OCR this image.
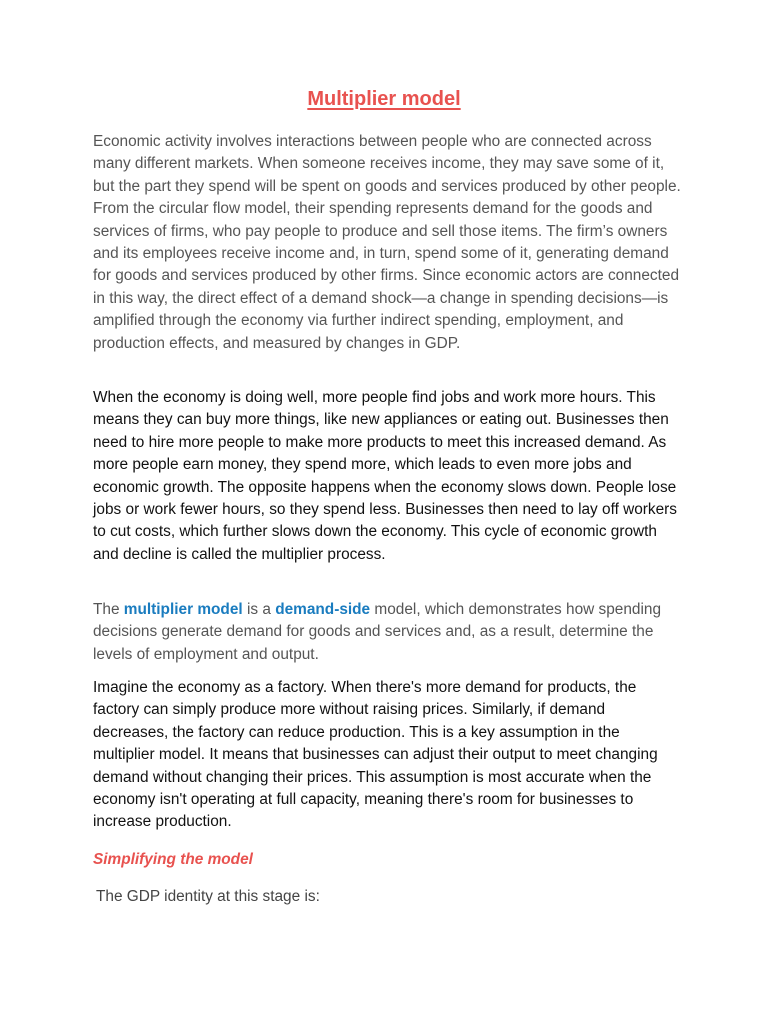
Multiplier model

Economic activity involves interactions between people who are connected across many different markets. When someone receives income, they may save some of it, but the part they spend will be spent on goods and services produced by other people. From the circular flow model, their spending represents demand for the goods and services of firms, who pay people to produce and sell those items. The firm’s owners and its employees receive income and, in turn, spend some of it, generating demand for goods and services produced by other firms. Since economic actors are connected in this way, the direct effect of a demand shock—a change in spending decisions—is amplified through the economy via further indirect spending, employment, and production effects, and measured by changes in GDP.

When the economy is doing well, more people find jobs and work more hours. This means they can buy more things, like new appliances or eating out. Businesses then need to hire more people to make more products to meet this increased demand. As more people earn money, they spend more, which leads to even more jobs and economic growth. The opposite happens when the economy slows down. People lose jobs or work fewer hours, so they spend less. Businesses then need to lay off workers to cut costs, which further slows down the economy. This cycle of economic growth and decline is called the multiplier process.

The multiplier model is a demand-side model, which demonstrates how spending decisions generate demand for goods and services and, as a result, determine the levels of employment and output.

Imagine the economy as a factory. When there's more demand for products, the factory can simply produce more without raising prices. Similarly, if demand decreases, the factory can reduce production. This is a key assumption in the multiplier model. It means that businesses can adjust their output to meet changing demand without changing their prices. This assumption is most accurate when the economy isn't operating at full capacity, meaning there's room for businesses to increase production.

Simplifying the model

The GDP identity at this stage is:
